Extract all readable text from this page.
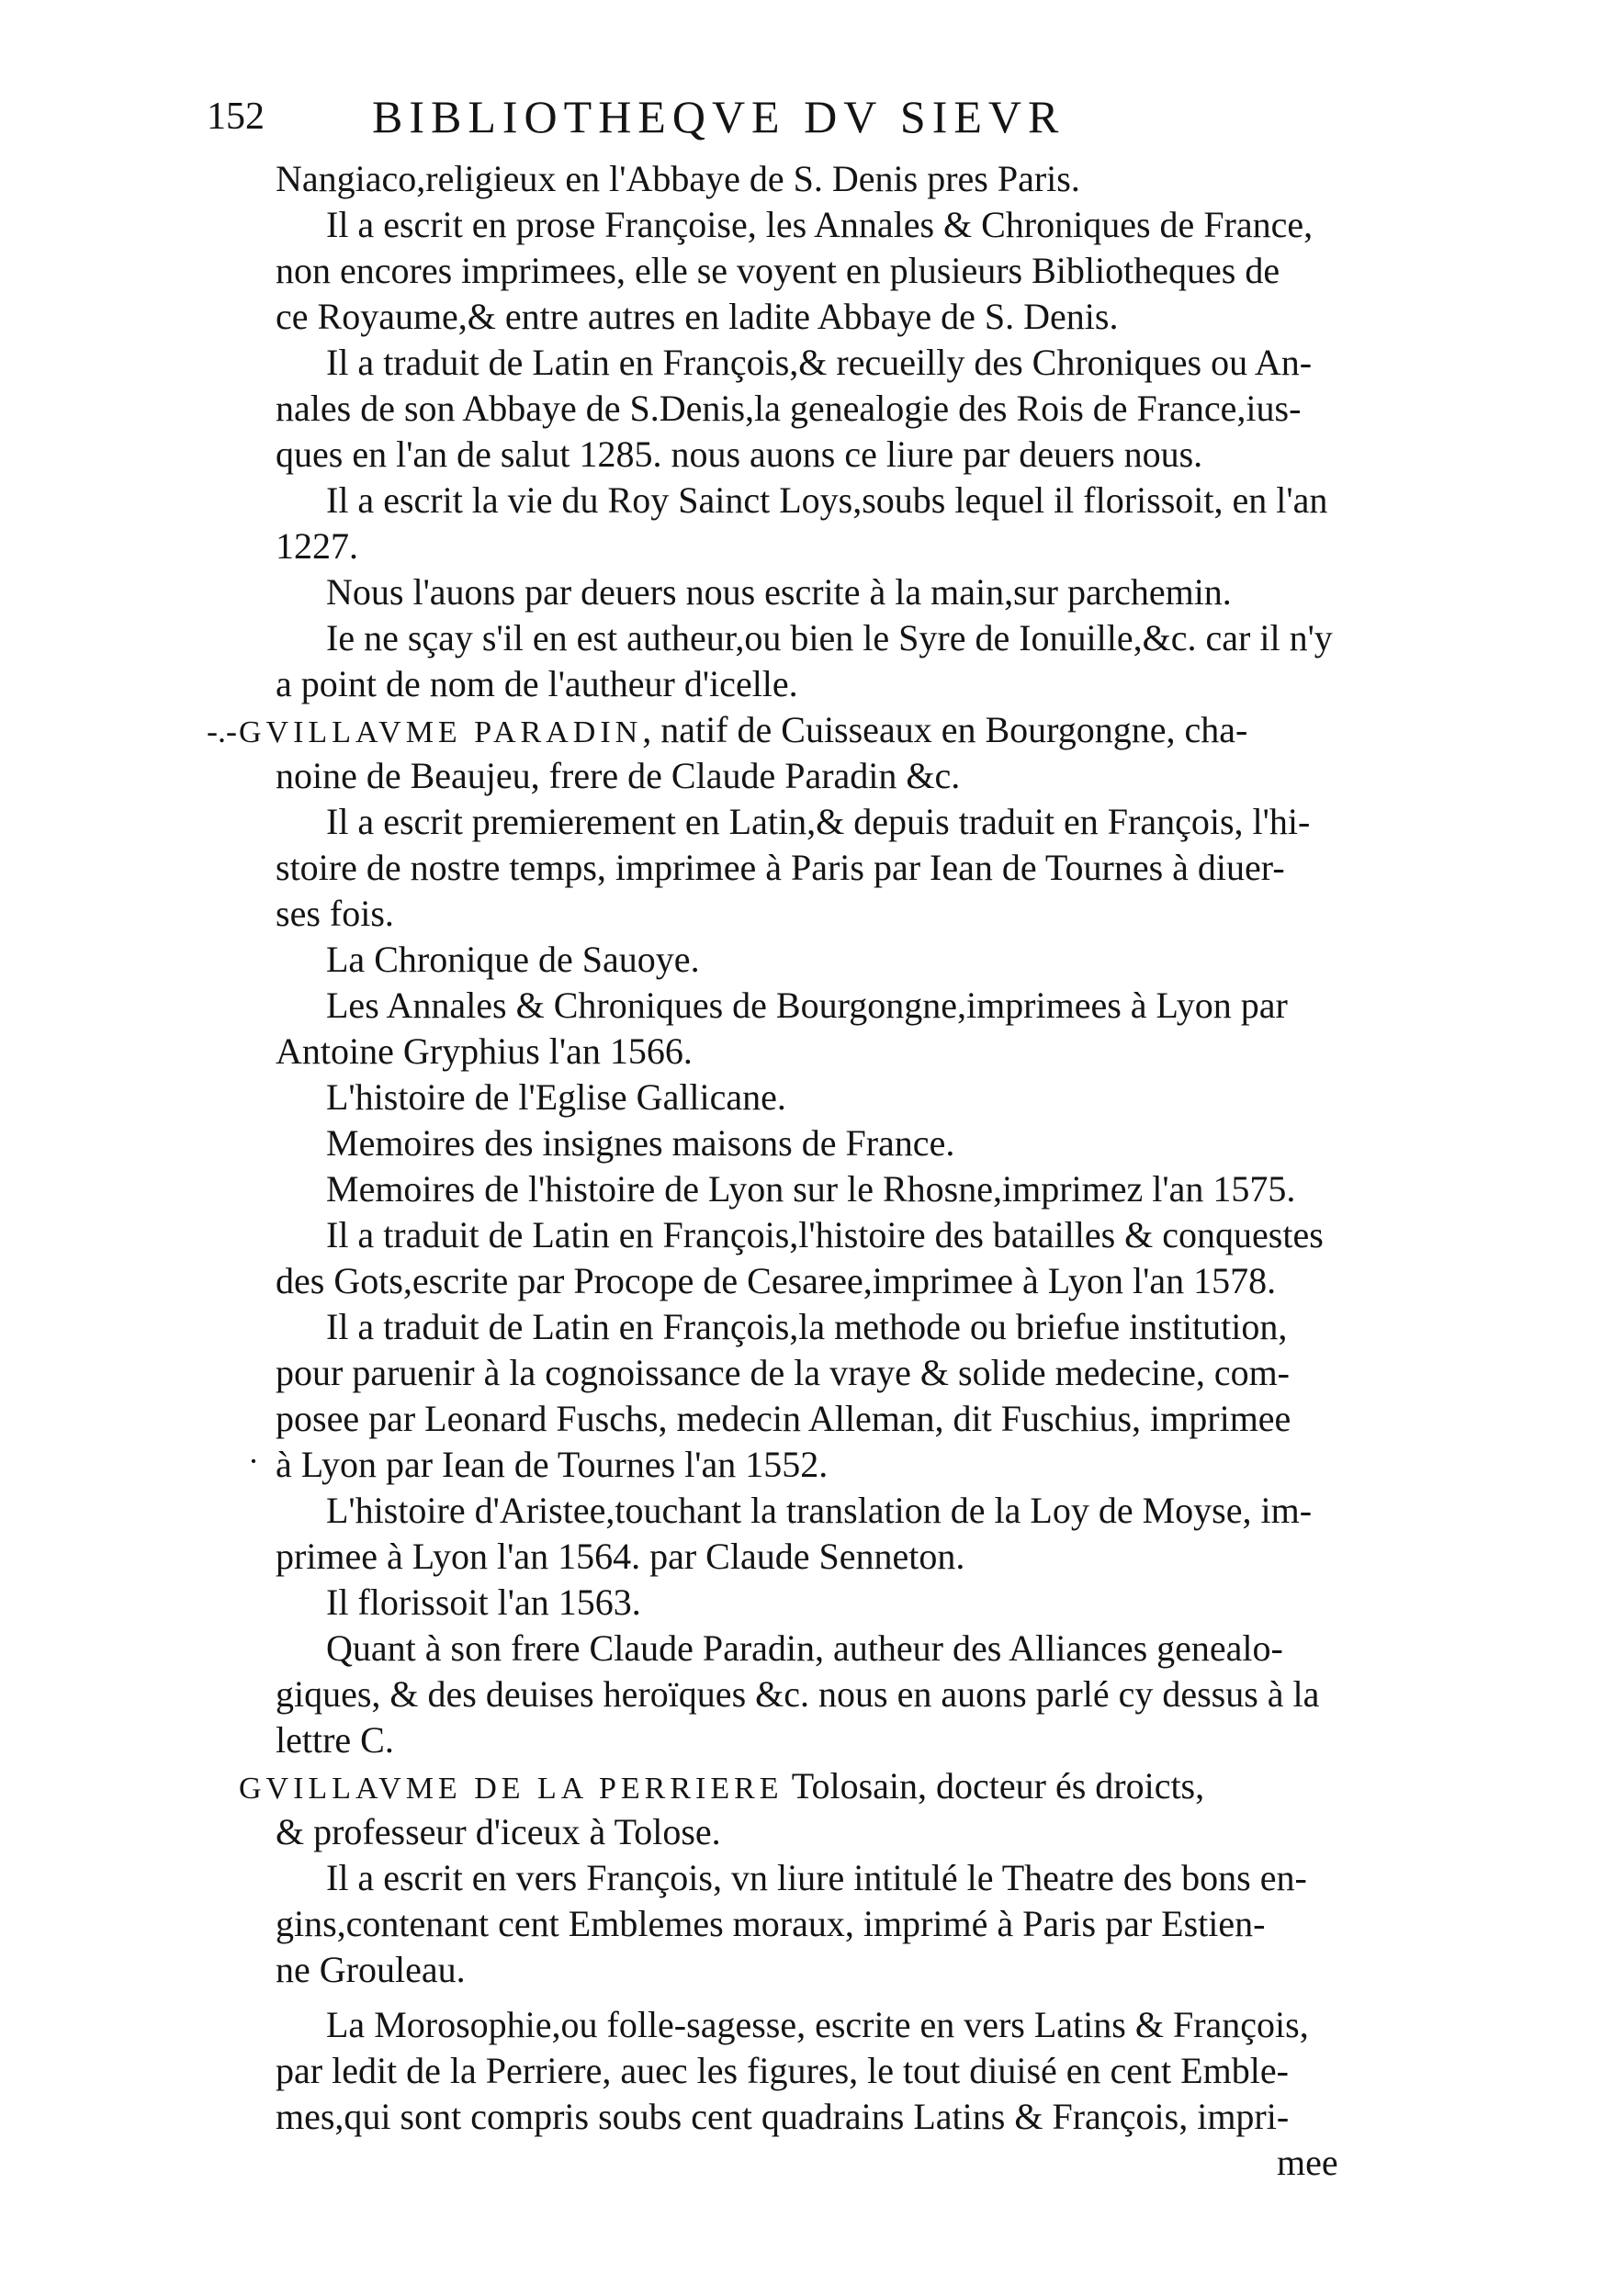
152 BIBLIOTHEQVE DV SIEVR
-.-
·
Nangiaco,religieux en l'Abbaye de S. Denis pres Paris.
Il a escrit en prose Françoise, les Annales & Chroniques de France,
non encores imprimees, elle se voyent en plusieurs Bibliotheques de
ce Royaume,& entre autres en ladite Abbaye de S. Denis.
Il a traduit de Latin en François,& recueilly des Chroniques ou An-
nales de son Abbaye de S.Denis,la genealogie des Rois de France,ius-
ques en l'an de salut 1285. nous auons ce liure par deuers nous.
Il a escrit la vie du Roy Sainct Loys,soubs lequel il florissoit, en l'an
1227.
Nous l'auons par deuers nous escrite à la main,sur parchemin.
Ie ne sçay s'il en est autheur,ou bien le Syre de Ionuille,&c. car il n'y
a point de nom de l'autheur d'icelle.
GVILLAVME PARADIN, natif de Cuisseaux en Bourgongne, cha-
noine de Beaujeu, frere de Claude Paradin &c.
Il a escrit premierement en Latin,& depuis traduit en François, l'hi-
stoire de nostre temps, imprimee à Paris par Iean de Tournes à diuer-
ses fois.
La Chronique de Sauoye.
Les Annales & Chroniques de Bourgongne,imprimees à Lyon par
Antoine Gryphius l'an 1566.
L'histoire de l'Eglise Gallicane.
Memoires des insignes maisons de France.
Memoires de l'histoire de Lyon sur le Rhosne,imprimez l'an 1575.
Il a traduit de Latin en François,l'histoire des batailles & conquestes
des Gots,escrite par Procope de Cesaree,imprimee à Lyon l'an 1578.
Il a traduit de Latin en François,la methode ou briefue institution,
pour paruenir à la cognoissance de la vraye & solide medecine, com-
posee par Leonard Fuschs, medecin Alleman, dit Fuschius, imprimee
à Lyon par Iean de Tournes l'an 1552.
L'histoire d'Aristee,touchant la translation de la Loy de Moyse, im-
primee à Lyon l'an 1564. par Claude Senneton.
Il florissoit l'an 1563.
Quant à son frere Claude Paradin, autheur des Alliances genealo-
giques, & des deuises heroïques &c. nous en auons parlé cy dessus à la
lettre C.
GVILLAVME DE LA PERRIERE Tolosain, docteur és droicts,
& professeur d'iceux à Tolose.
Il a escrit en vers François, vn liure intitulé le Theatre des bons en-
gins,contenant cent Emblemes moraux, imprimé à Paris par Estien-
ne Grouleau.
La Morosophie,ou folle-sagesse, escrite en vers Latins & François,
par ledit de la Perriere, auec les figures, le tout diuisé en cent Emble-
mes,qui sont compris soubs cent quadrains Latins & François, impri-
mee
